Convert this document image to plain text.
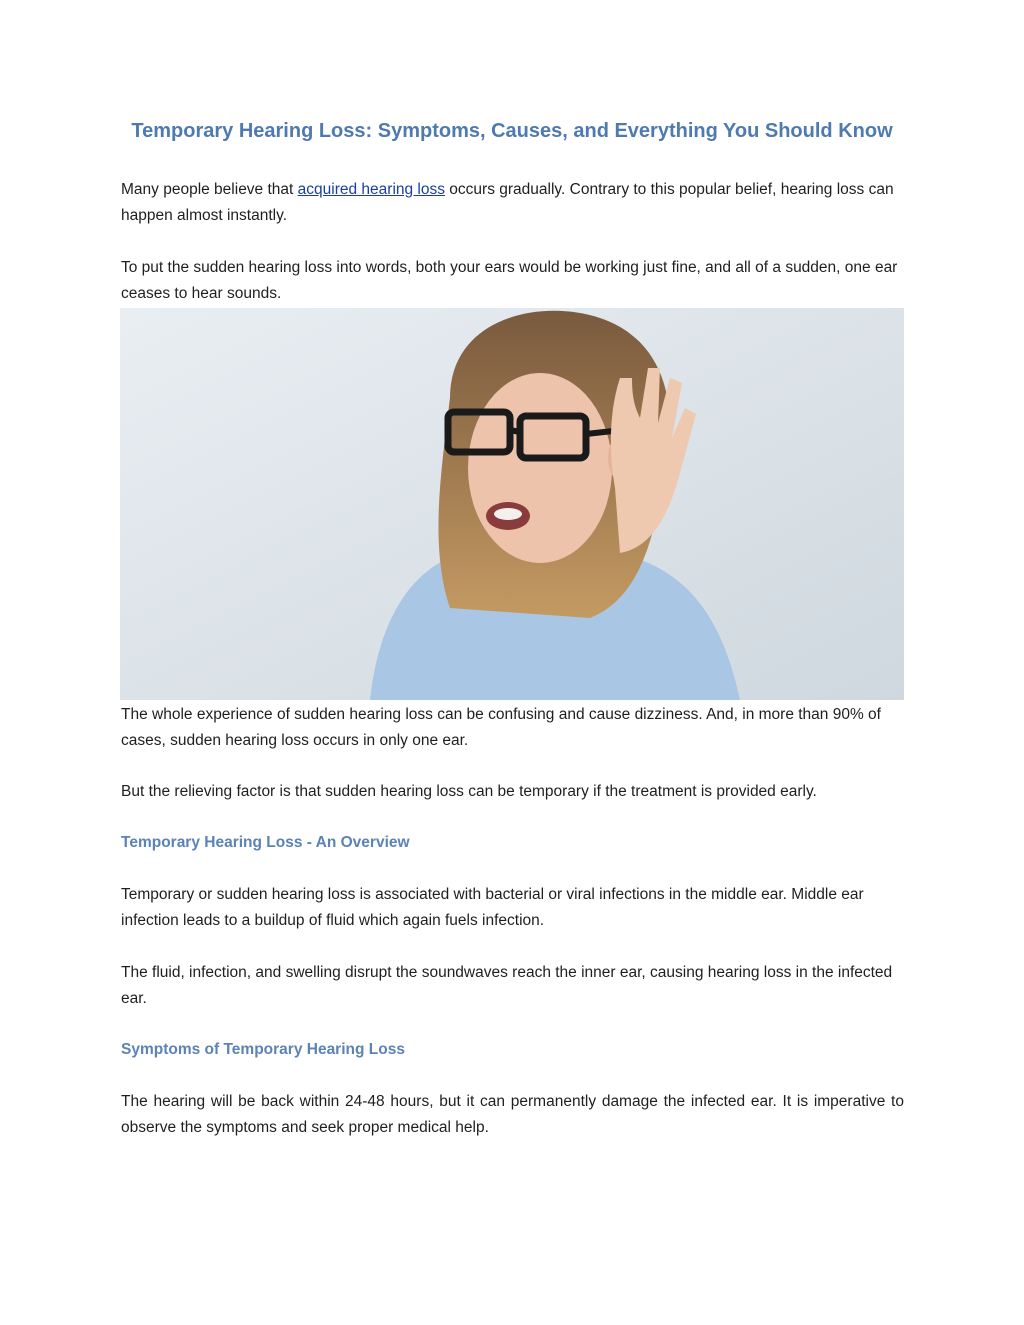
Temporary Hearing Loss: Symptoms, Causes, and Everything You Should Know

Many people believe that acquired hearing loss occurs gradually. Contrary to this popular belief, hearing loss can happen almost instantly.

To put the sudden hearing loss into words, both your ears would be working just fine, and all of a sudden, one ear ceases to hear sounds.

The whole experience of sudden hearing loss can be confusing and cause dizziness. And, in more than 90% of cases, sudden hearing loss occurs in only one ear.

But the relieving factor is that sudden hearing loss can be temporary if the treatment is provided early.

Temporary Hearing Loss - An Overview

Temporary or sudden hearing loss is associated with bacterial or viral infections in the middle ear. Middle ear infection leads to a buildup of fluid which again fuels infection.

The fluid, infection, and swelling disrupt the soundwaves reach the inner ear, causing hearing loss in the infected ear.

Symptoms of Temporary Hearing Loss

The hearing will be back within 24-48 hours, but it can permanently damage the infected ear. It is imperative to observe the symptoms and seek proper medical help.
